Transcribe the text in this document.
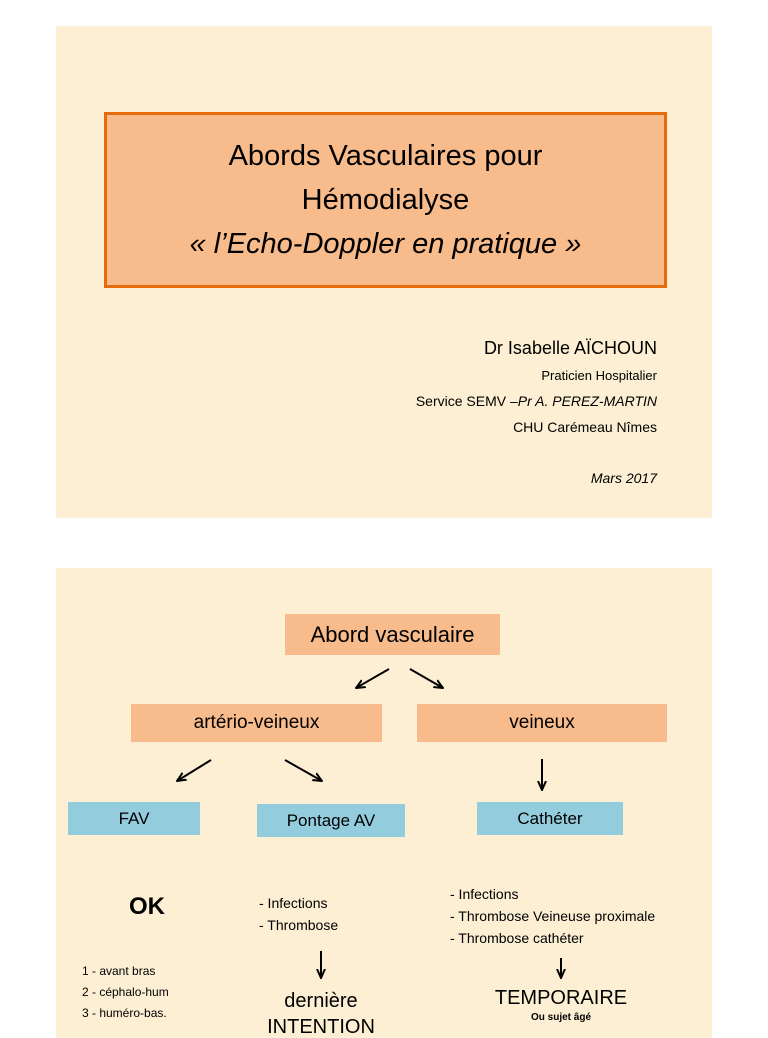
Abords Vasculaires pour
Hémodialyse
« l’Echo-Doppler en pratique »
Dr Isabelle AÏCHOUN
Praticien Hospitalier
Service SEMV –Pr A. PEREZ-MARTIN
CHU Carémeau Nîmes
Mars 2017
Abord vasculaire
artério-veineux	veineux
FAV	Pontage AV	Cathéter
OK
1 - avant bras
2 - céphalo-hum
3 - huméro-bas.
- Infections
- Thrombose
dernière
INTENTION
- Infections
- Thrombose Veineuse proximale
- Thrombose cathéter
TEMPORAIRE
Ou sujet âgé
